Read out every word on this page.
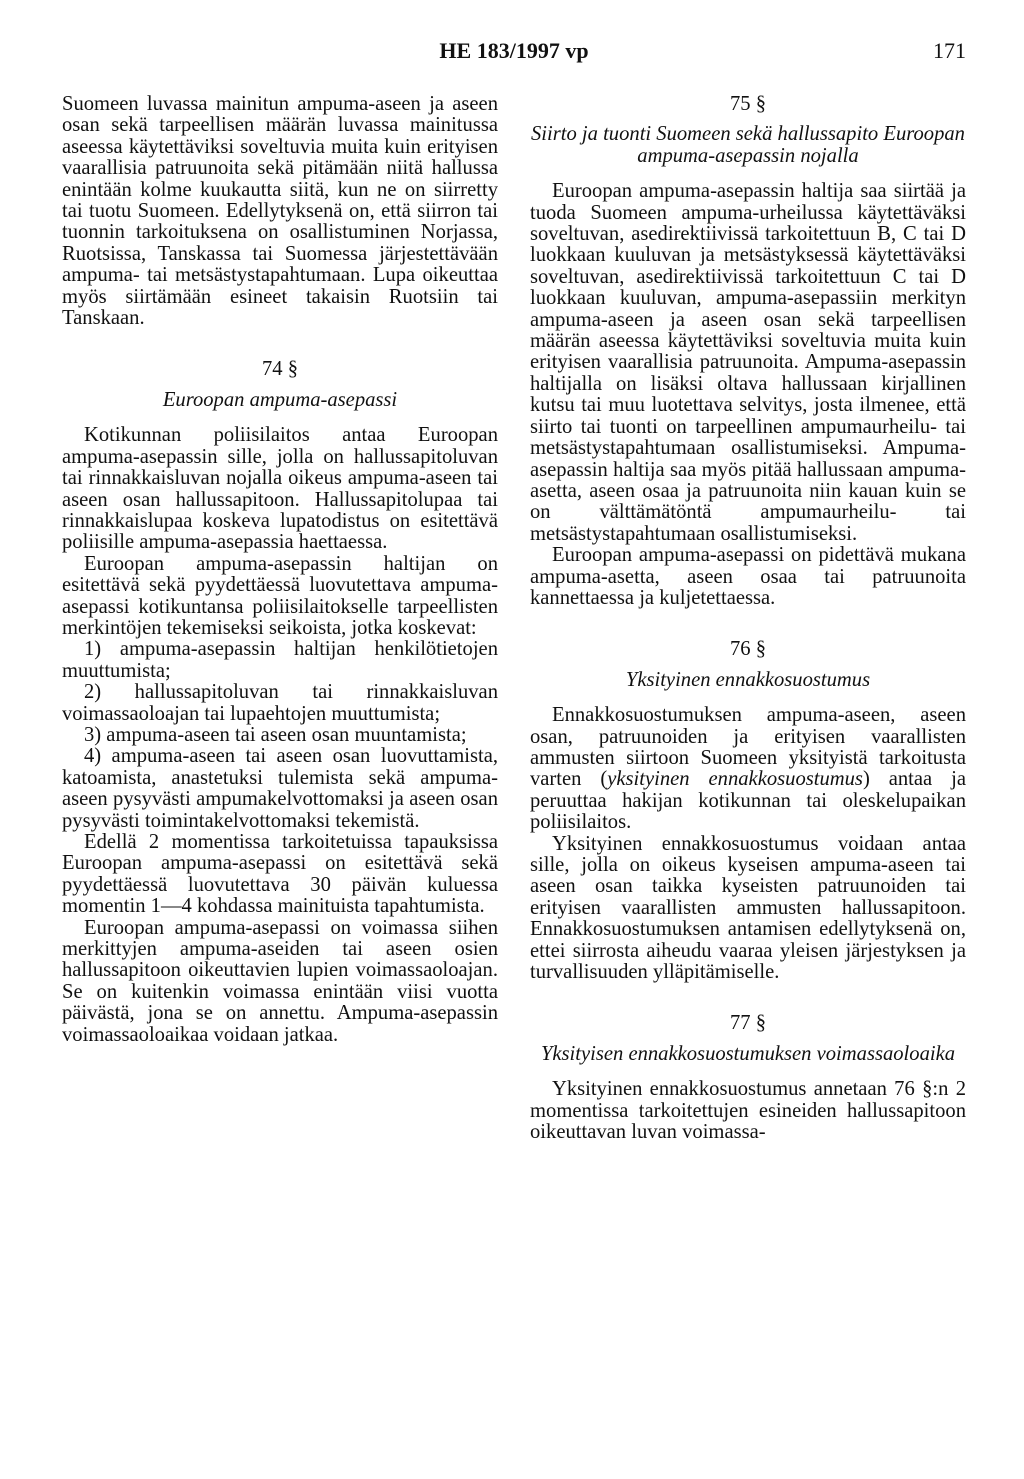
HE 183/1997 vp	171

Suomeen luvassa mainitun ampuma-aseen ja aseen osan sekä tarpeellisen määrän luvassa mainitussa aseessa käytettäviksi soveltuvia muita kuin erityisen vaarallisia patruunoita sekä pitämään niitä hallussa enintään kolme kuukautta siitä, kun ne on siirretty tai tuotu Suomeen. Edellytyksenä on, että siirron tai tuonnin tarkoituksena on osallistuminen Norjassa, Ruotsissa, Tanskassa tai Suomessa järjestettävään ampuma- tai metsästystapahtumaan. Lupa oikeuttaa myös siirtämään esineet takaisin Ruotsiin tai Tanskaan.

74 §
Euroopan ampuma-asepassi

Kotikunnan poliisilaitos antaa Euroopan ampuma-asepassin sille, jolla on hallussapitoluvan tai rinnakkaisluvan nojalla oikeus ampuma-aseen tai aseen osan hallussapitoon. Hallussapitolupaa tai rinnakkaislupaa koskeva lupatodistus on esitettävä poliisille ampuma-asepassia haettaessa.

Euroopan ampuma-asepassin haltijan on esitettävä sekä pyydettäessä luovutettava ampuma-asepassi kotikuntansa poliisilaitokselle tarpeellisten merkintöjen tekemiseksi seikoista, jotka koskevat:

1) ampuma-asepassin haltijan henkilötietojen muuttumista;

2) hallussapitoluvan tai rinnakkaisluvan voimassaoloajan tai lupaehtojen muuttumista;

3) ampuma-aseen tai aseen osan muuntamista;

4) ampuma-aseen tai aseen osan luovuttamista, katoamista, anastetuksi tulemista sekä ampuma-aseen pysyvästi ampumakelvottomaksi ja aseen osan pysyvästi toimintakelvottomaksi tekemistä.

Edellä 2 momentissa tarkoitetuissa tapauksissa Euroopan ampuma-asepassi on esitettävä sekä pyydettäessä luovutettava 30 päivän kuluessa momentin 1—4 kohdassa mainituista tapahtumista.

Euroopan ampuma-asepassi on voimassa siihen merkittyjen ampuma-aseiden tai aseen osien hallussapitoon oikeuttavien lupien voimassaoloajan. Se on kuitenkin voimassa enintään viisi vuotta päivästä, jona se on annettu. Ampuma-asepassin voimassaoloaikaa voidaan jatkaa.

75 §
Siirto ja tuonti Suomeen sekä hallussapito Euroopan ampuma-asepassin nojalla

Euroopan ampuma-asepassin haltija saa siirtää ja tuoda Suomeen ampuma-urheilussa käytettäväksi soveltuvan, asedirektiivissä tarkoitettuun B, C tai D luokkaan kuuluvan ja metsästyksessä käytettäväksi soveltuvan, asedirektiivissä tarkoitettuun C tai D luokkaan kuuluvan, ampuma-asepassiin merkityn ampuma-aseen ja aseen osan sekä tarpeellisen määrän aseessa käytettäviksi soveltuvia muita kuin erityisen vaarallisia patruunoita. Ampuma-asepassin haltijalla on lisäksi oltava hallussaan kirjallinen kutsu tai muu luotettava selvitys, josta ilmenee, että siirto tai tuonti on tarpeellinen ampumaurheilu- tai metsästystapahtumaan osallistumiseksi. Ampuma-asepassin haltija saa myös pitää hallussaan ampuma-asetta, aseen osaa ja patruunoita niin kauan kuin se on välttämätöntä ampumaurheilu- tai metsästystapahtumaan osallistumiseksi.

Euroopan ampuma-asepassi on pidettävä mukana ampuma-asetta, aseen osaa tai patruunoita kannettaessa ja kuljetettaessa.

76 §
Yksityinen ennakkosuostumus

Ennakkosuostumuksen ampuma-aseen, aseen osan, patruunoiden ja erityisen vaarallisten ammusten siirtoon Suomeen yksityistä tarkoitusta varten (yksityinen ennakkosuostumus) antaa ja peruuttaa hakijan kotikunnan tai oleskelupaikan poliisilaitos.

Yksityinen ennakkosuostumus voidaan antaa sille, jolla on oikeus kyseisen ampuma-aseen tai aseen osan taikka kyseisten patruunoiden tai erityisen vaarallisten ammusten hallussapitoon. Ennakkosuostumuksen antamisen edellytyksenä on, ettei siirrosta aiheudu vaaraa yleisen järjestyksen ja turvallisuuden ylläpitämiselle.

77 §
Yksityisen ennakkosuostumuksen voimassaoloaika

Yksityinen ennakkosuostumus annetaan 76 §:n 2 momentissa tarkoitettujen esineiden hallussapitoon oikeuttavan luvan voimassa-
